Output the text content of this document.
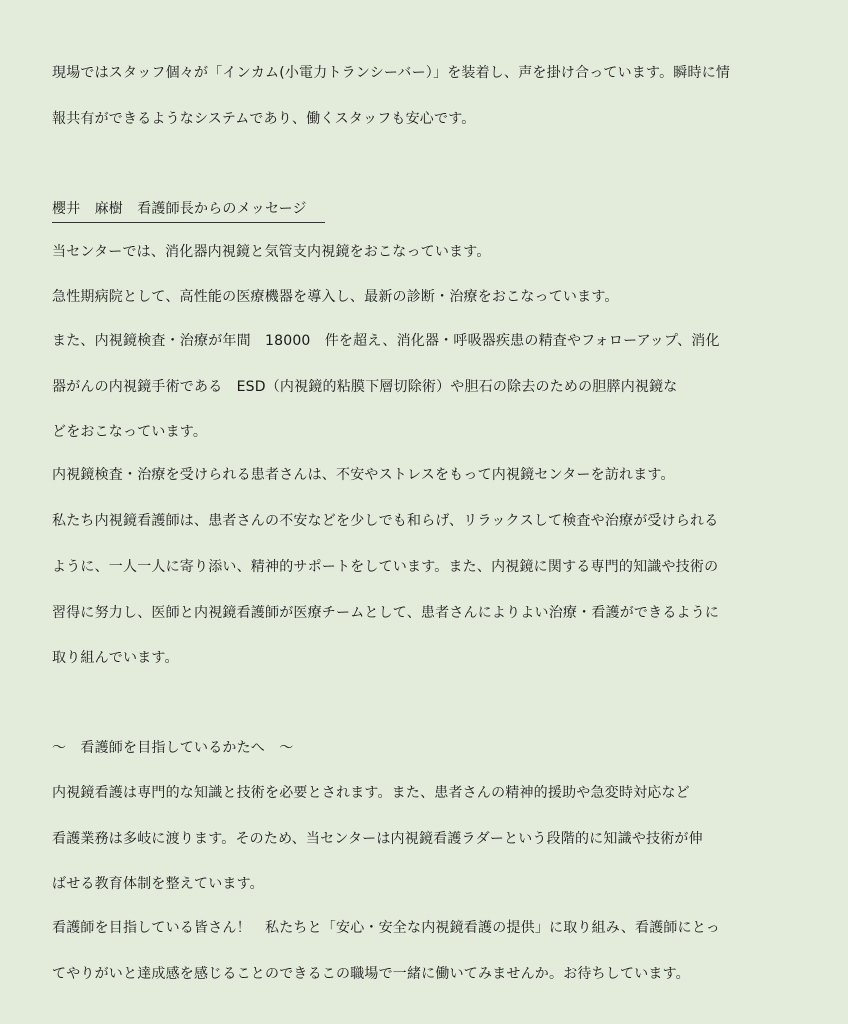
現場ではスタッフ個々が「インカム(小電力トランシーバー）」を装着し、声を掛け合っています。瞬時に情
報共有ができるようなシステムであり、働くスタッフも安心です。
櫻井　麻樹　看護師長からのメッセージ
当センターでは、消化器内視鏡と気管支内視鏡をおこなっています。
急性期病院として、高性能の医療機器を導入し、最新の診断・治療をおこなっています。
また、内視鏡検査・治療が年間　18000　件を超え、消化器・呼吸器疾患の精査やフォローアップ、消化
器がんの内視鏡手術である　ESD（内視鏡的粘膜下層切除術）や胆石の除去のための胆膵内視鏡な
どをおこなっています。
内視鏡検査・治療を受けられる患者さんは、不安やストレスをもって内視鏡センターを訪れます。
私たち内視鏡看護師は、患者さんの不安などを少しでも和らげ、リラックスして検査や治療が受けられる
ように、一人一人に寄り添い、精神的サポートをしています。また、内視鏡に関する専門的知識や技術の
習得に努力し、医師と内視鏡看護師が医療チームとして、患者さんによりよい治療・看護ができるように
取り組んでいます。
～　看護師を目指しているかたへ　～
内視鏡看護は専門的な知識と技術を必要とされます。また、患者さんの精神的援助や急変時対応など
看護業務は多岐に渡ります。そのため、当センターは内視鏡看護ラダーという段階的に知識や技術が伸
ばせる教育体制を整えています。
看護師を目指している皆さん！　私たちと「安心・安全な内視鏡看護の提供」に取り組み、看護師にとっ
てやりがいと達成感を感じることのできるこの職場で一緒に働いてみませんか。お待ちしています。
